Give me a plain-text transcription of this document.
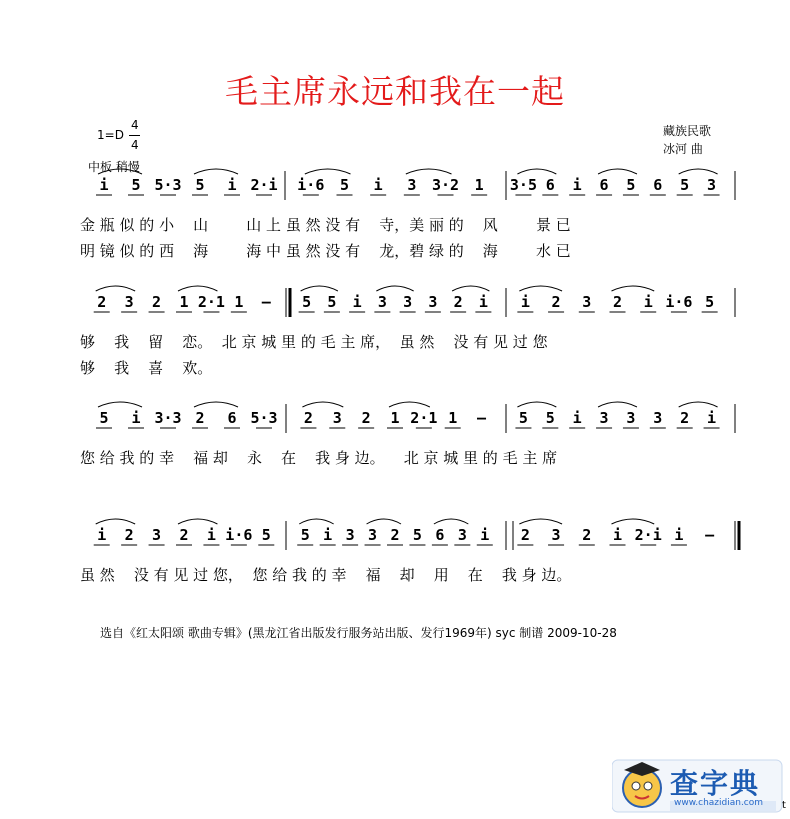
毛主席永远和我在一起
1=D
4
4
中板 稍慢
藏族民歌
冰河 曲
i 5 5·3 5 i 2·i i·6 5 i 3 3·2 1 3·5 6 i 6 5 6 5 3
金 瓶 似 的 小    山        山 上 虽 然 没 有    寺，美 丽 的    风        景 已
明 镜 似 的 西    海        海 中 虽 然 没 有    龙，碧 绿 的    海        水 已
2 3 2 1 2·1 1 – 5 5 i 3 3 3 2 i i 2 3 2 i i·6 5
够    我    留    恋。  北 京 城 里 的 毛 主 席，  虽 然    没 有 见 过 您
够    我    喜    欢。
5 i 3·3 2 6 5·3 2 3 2 1 2·1 1 – 5 5 i 3 3 3 2 i
您 给 我 的 幸    福 却    永    在    我 身 边。    北 京 城 里 的 毛 主 席
i 2 3 2 i i·6 5 5 i 3 3 2 5 6 3 i 2 3 2 i 2·i i –
虽 然    没 有 见 过 您，  您 给 我 的 幸    福    却    用    在    我 身 边。
选自《红太阳颂 歌曲专辑》(黑龙江省出版发行服务站出版、发行1969年) syc 制谱 2009-10-28
查字典
www.chazidian.com t
